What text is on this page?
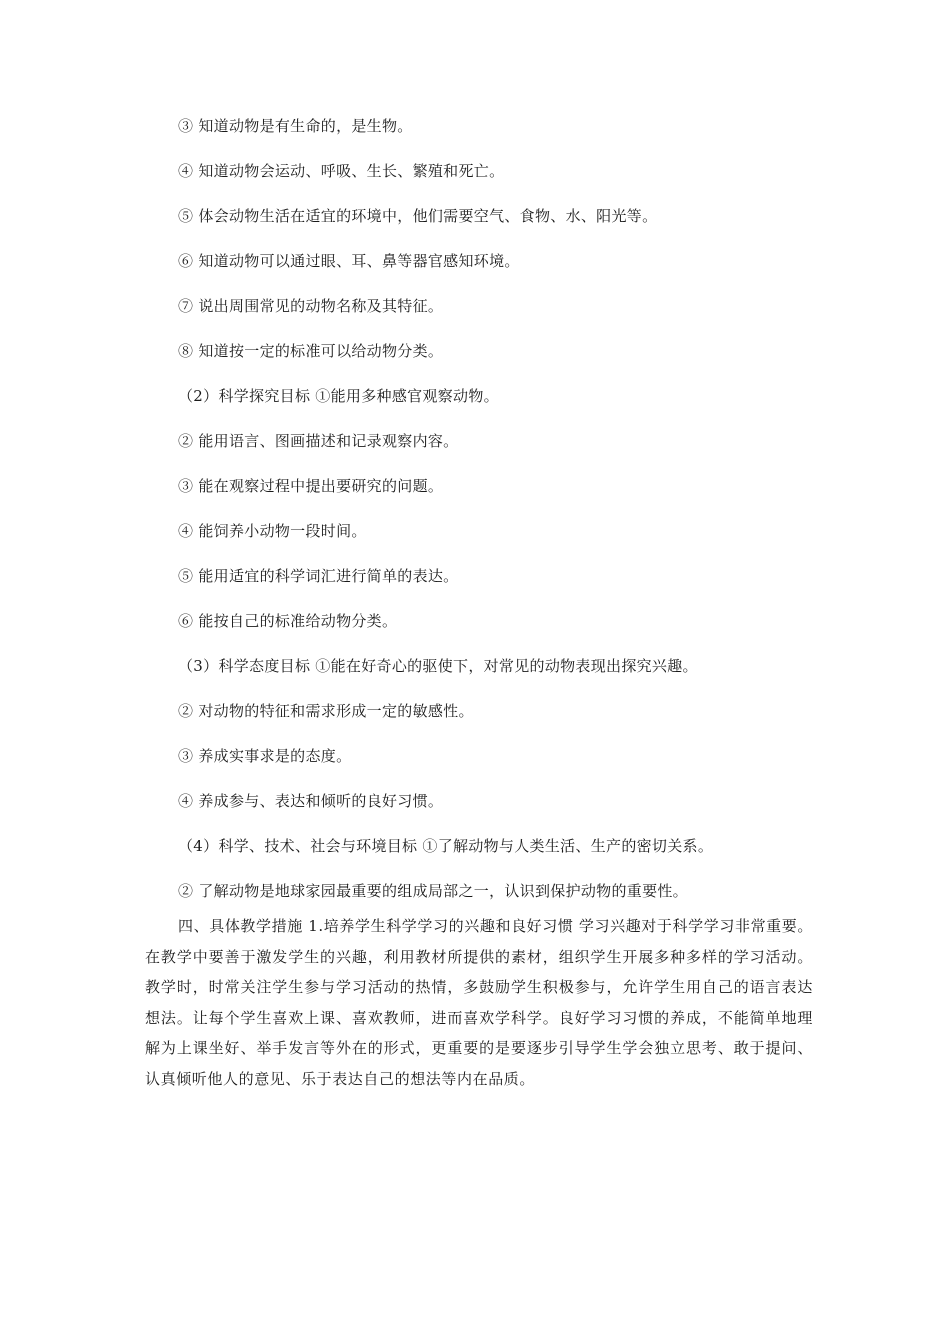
③ 知道动物是有生命的，是生物。
④ 知道动物会运动、呼吸、生长、繁殖和死亡。
⑤ 体会动物生活在适宜的环境中，他们需要空气、食物、水、阳光等。
⑥ 知道动物可以通过眼、耳、鼻等器官感知环境。
⑦ 说出周围常见的动物名称及其特征。
⑧ 知道按一定的标准可以给动物分类。
（2）科学探究目标 ①能用多种感官观察动物。
② 能用语言、图画描述和记录观察内容。
③ 能在观察过程中提出要研究的问题。
④ 能饲养小动物一段时间。
⑤ 能用适宜的科学词汇进行简单的表达。
⑥ 能按自己的标准给动物分类。
（3）科学态度目标 ①能在好奇心的驱使下，对常见的动物表现出探究兴趣。
② 对动物的特征和需求形成一定的敏感性。
③ 养成实事求是的态度。
④ 养成参与、表达和倾听的良好习惯。
（4）科学、技术、社会与环境目标 ①了解动物与人类生活、生产的密切关系。
② 了解动物是地球家园最重要的组成局部之一，认识到保护动物的重要性。

四、具体教学措施 1.培养学生科学学习的兴趣和良好习惯 学习兴趣对于科学学习非常重要。在教学中要善于激发学生的兴趣，利用教材所提供的素材，组织学生开展多种多样的学习活动。教学时，时常关注学生参与学习活动的热情，多鼓励学生积极参与，允许学生用自己的语言表达想法。让每个学生喜欢上课、喜欢教师，进而喜欢学科学。良好学习习惯的养成，不能简单地理解为上课坐好、举手发言等外在的形式，更重要的是要逐步引导学生学会独立思考、敢于提问、认真倾听他人的意见、乐于表达自己的想法等内在品质。
